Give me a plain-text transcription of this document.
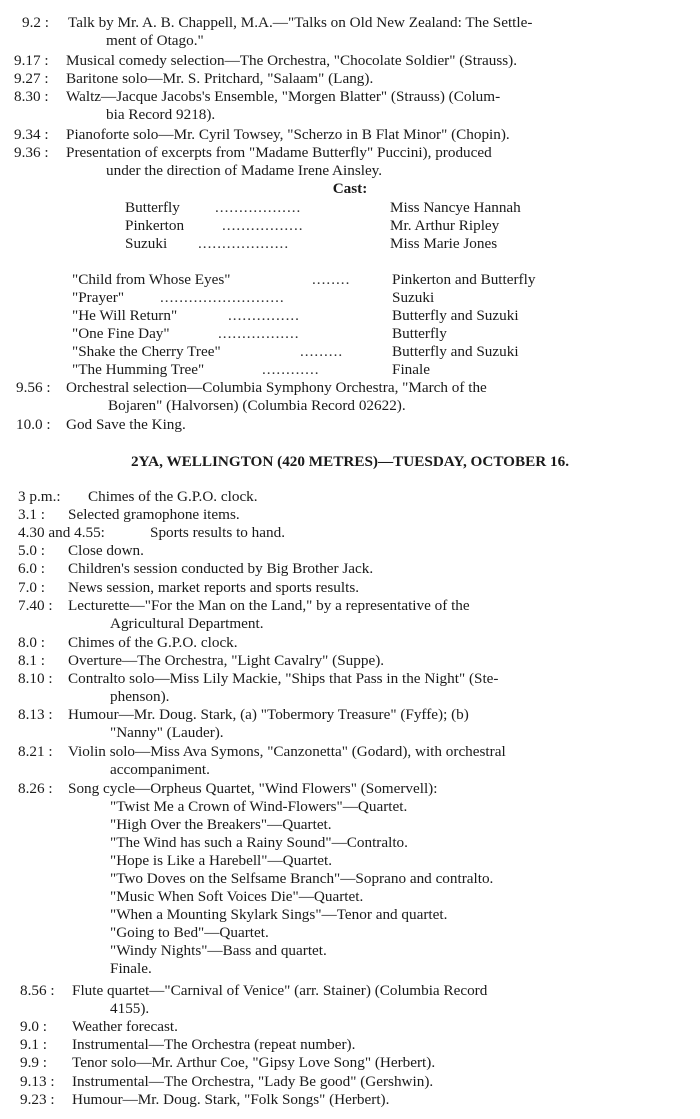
9.2 : Talk by Mr. A. B. Chappell, M.A.—"Talks on Old New Zealand: The Settle-
ment of Otago."
9.17 : Musical comedy selection—The Orchestra, "Chocolate Soldier" (Strauss).
9.27 : Baritone solo—Mr. S. Pritchard, "Salaam" (Lang).
8.30 : Waltz—Jacque Jacobs's Ensemble, "Morgen Blatter" (Strauss) (Colum-
bia Record 9218).
9.34 : Pianoforte solo—Mr. Cyril Towsey, "Scherzo in B Flat Minor" (Chopin).
9.36 : Presentation of excerpts from "Madame Butterfly" Puccini), produced
under the direction of Madame Irene Ainsley.
Cast:
Butterfly ..................	Miss Nancye Hannah
Pinkerton .................	Mr. Arthur Ripley
Suzuki ...................	Miss Marie Jones
"Child from Whose Eyes"	........	Pinkerton and Butterfly
"Prayer" ..........................	Suzuki
"He Will Return"	...............	Butterfly and Suzuki
"One Fine Day"	.................	Butterfly
"Shake the Cherry Tree"	.........	Butterfly and Suzuki
"The Humming Tree"	............	Finale
9.56 : Orchestral selection—Columbia Symphony Orchestra, "March of the
Bojaren" (Halvorsen) (Columbia Record 02622).
10.0 : God Save the King.
2YA, WELLINGTON (420 METRES)—TUESDAY, OCTOBER 16.
3 p.m.: Chimes of the G.P.O. clock.
3.1 : Selected gramophone items.
4.30 and 4.55:	Sports results to hand.
5.0 : Close down.
6.0 : Children's session conducted by Big Brother Jack.
7.0 : News session, market reports and sports results.
7.40 : Lecturette—"For the Man on the Land," by a representative of the
Agricultural Department.
8.0 : Chimes of the G.P.O. clock.
8.1 : Overture—The Orchestra, "Light Cavalry" (Suppe).
8.10 : Contralto solo—Miss Lily Mackie, "Ships that Pass in the Night" (Ste-
phenson).
8.13 : Humour—Mr. Doug. Stark, (a) "Tobermory Treasure" (Fyffe); (b)
"Nanny" (Lauder).
8.21 : Violin solo—Miss Ava Symons, "Canzonetta" (Godard), with orchestral
accompaniment.
8.26 : Song cycle—Orpheus Quartet, "Wind Flowers" (Somervell):
"Twist Me a Crown of Wind-Flowers"—Quartet.
"High Over the Breakers"—Quartet.
"The Wind has such a Rainy Sound"—Contralto.
"Hope is Like a Harebell"—Quartet.
"Two Doves on the Selfsame Branch"—Soprano and contralto.
"Music When Soft Voices Die"—Quartet.
"When a Mounting Skylark Sings"—Tenor and quartet.
"Going to Bed"—Quartet.
"Windy Nights"—Bass and quartet.
Finale.
8.56 : Flute quartet—"Carnival of Venice" (arr. Stainer) (Columbia Record
4155).
9.0 : Weather forecast.
9.1 : Instrumental—The Orchestra (repeat number).
9.9 : Tenor solo—Mr. Arthur Coe, "Gipsy Love Song" (Herbert).
9.13 : Instrumental—The Orchestra, "Lady Be good" (Gershwin).
9.23 : Humour—Mr. Doug. Stark, "Folk Songs" (Herbert).
